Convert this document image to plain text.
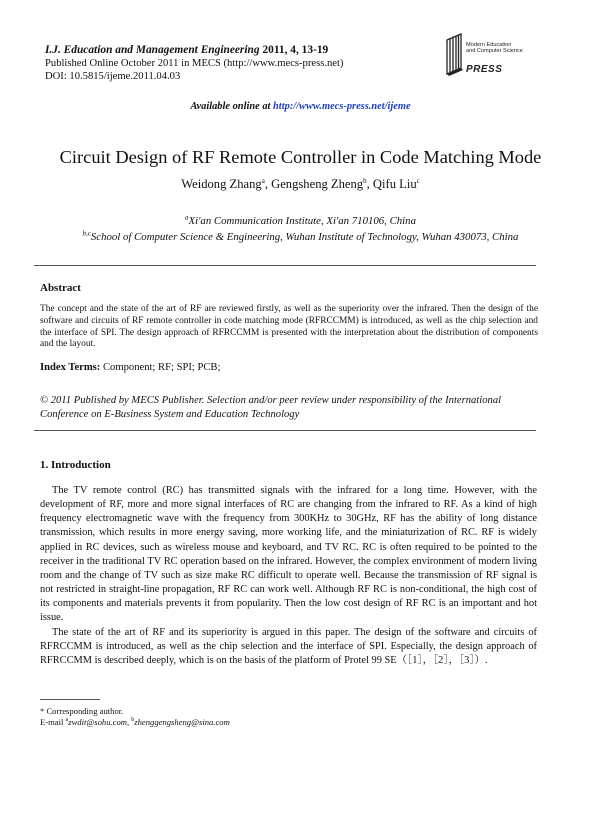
I.J. Education and Management Engineering 2011, 4, 13-19
Published Online October 2011 in MECS (http://www.mecs-press.net)
DOI: 10.5815/ijeme.2011.04.03
Modern Education
and Computer Science
PRESS
Available online at http://www.mecs-press.net/ijeme
Circuit Design of RF Remote Controller in Code Matching Mode
Weidong Zhang$^a$, Gengsheng Zheng$^b$, Qifu Liu$^c$
$^a$Xi'an Communication Institute, Xi'an 710106, China
$^{b,c}$School of Computer Science & Engineering, Wuhan Institute of Technology, Wuhan 430073, China
Abstract
The concept and the state of the art of RF are reviewed firstly, as well as the superiority over the infrared. Then the design of the software and circuits of RF remote controller in code matching mode (RFRCCMM) is introduced, as well as the chip selection and the interface of SPI. The design approach of RFRCCMM is presented with the interpretation about the distribution of components and the layout.
Index Terms: Component; RF; SPI; PCB;
© 2011 Published by MECS Publisher. Selection and/or peer review under responsibility of the International Conference on E-Business System and Education Technology
1. Introduction

The TV remote control (RC) has transmitted signals with the infrared for a long time. However, with the development of RF, more and more signal interfaces of RC are changing from the infrared to RF. As a kind of high frequency electromagnetic wave with the frequency from 300KHz to 30GHz, RF has the ability of long distance transmission, which results in more energy saving, more working life, and the miniaturization of RC. RF is widely applied in RC devices, such as wireless mouse and keyboard, and TV RC. RC is often required to be pointed to the receiver in the traditional TV RC operation based on the infrared. However, the complex environment of modern living room and the change of TV such as size make RC difficult to operate well. Because the transmission of RF signal is not restricted in straight-line propagation, RF RC can work well. Although RF RC is non-conditional, the high cost of its components and materials prevents it from popularity. Then the low cost design of RF RC is an important and hot issue.

The state of the art of RF and its superiority is argued in this paper. The design of the software and circuits of RFRCCMM is introduced, as well as the chip selection and the interface of SPI. Especially, the design approach of RFRCCMM is described deeply, which is on the basis of the platform of Protel 99 SE（［1］，［2］，［3］）.

* Corresponding author.
E-mail $^a$zwdit@sohu.com, $^b$zhenggengsheng@sina.com
